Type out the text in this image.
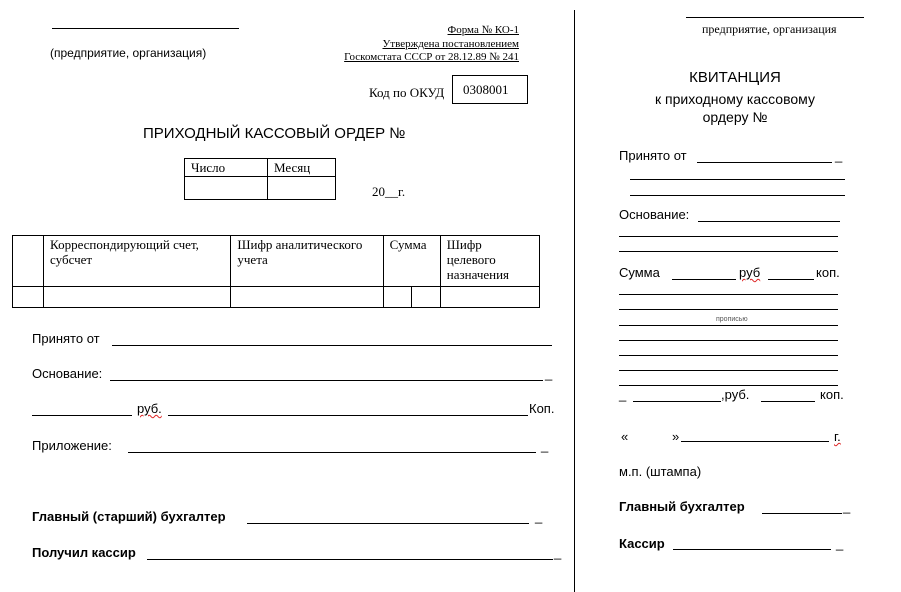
(предприятие, организация)
Форма № КО-1
Утверждена постановлением
Госкомстата СССР от 28.12.89 № 241
Код по ОКУД 0308001
ПРИХОДНЫЙ КАССОВЫЙ ОРДЕР №
Число	Месяц

20__г.
	Корреспондирующий счет, субсчет	Шифр аналитического учета	Сумма		Шифр целевого назначения

Принято от
Основание:	_
руб.	Коп.
Приложение:	_
Главный (старший) бухгалтер	_
Получил кассир	_
предприятие, организация
КВИТАНЦИЯ
к приходному кассовому
ордеру №
Принято от	_
Основание:
Сумма	руб	коп.
прописью
_	,руб.	коп.
«	»	г.
м.п. (штампа)
Главный бухгалтер	_
Кассир	_
